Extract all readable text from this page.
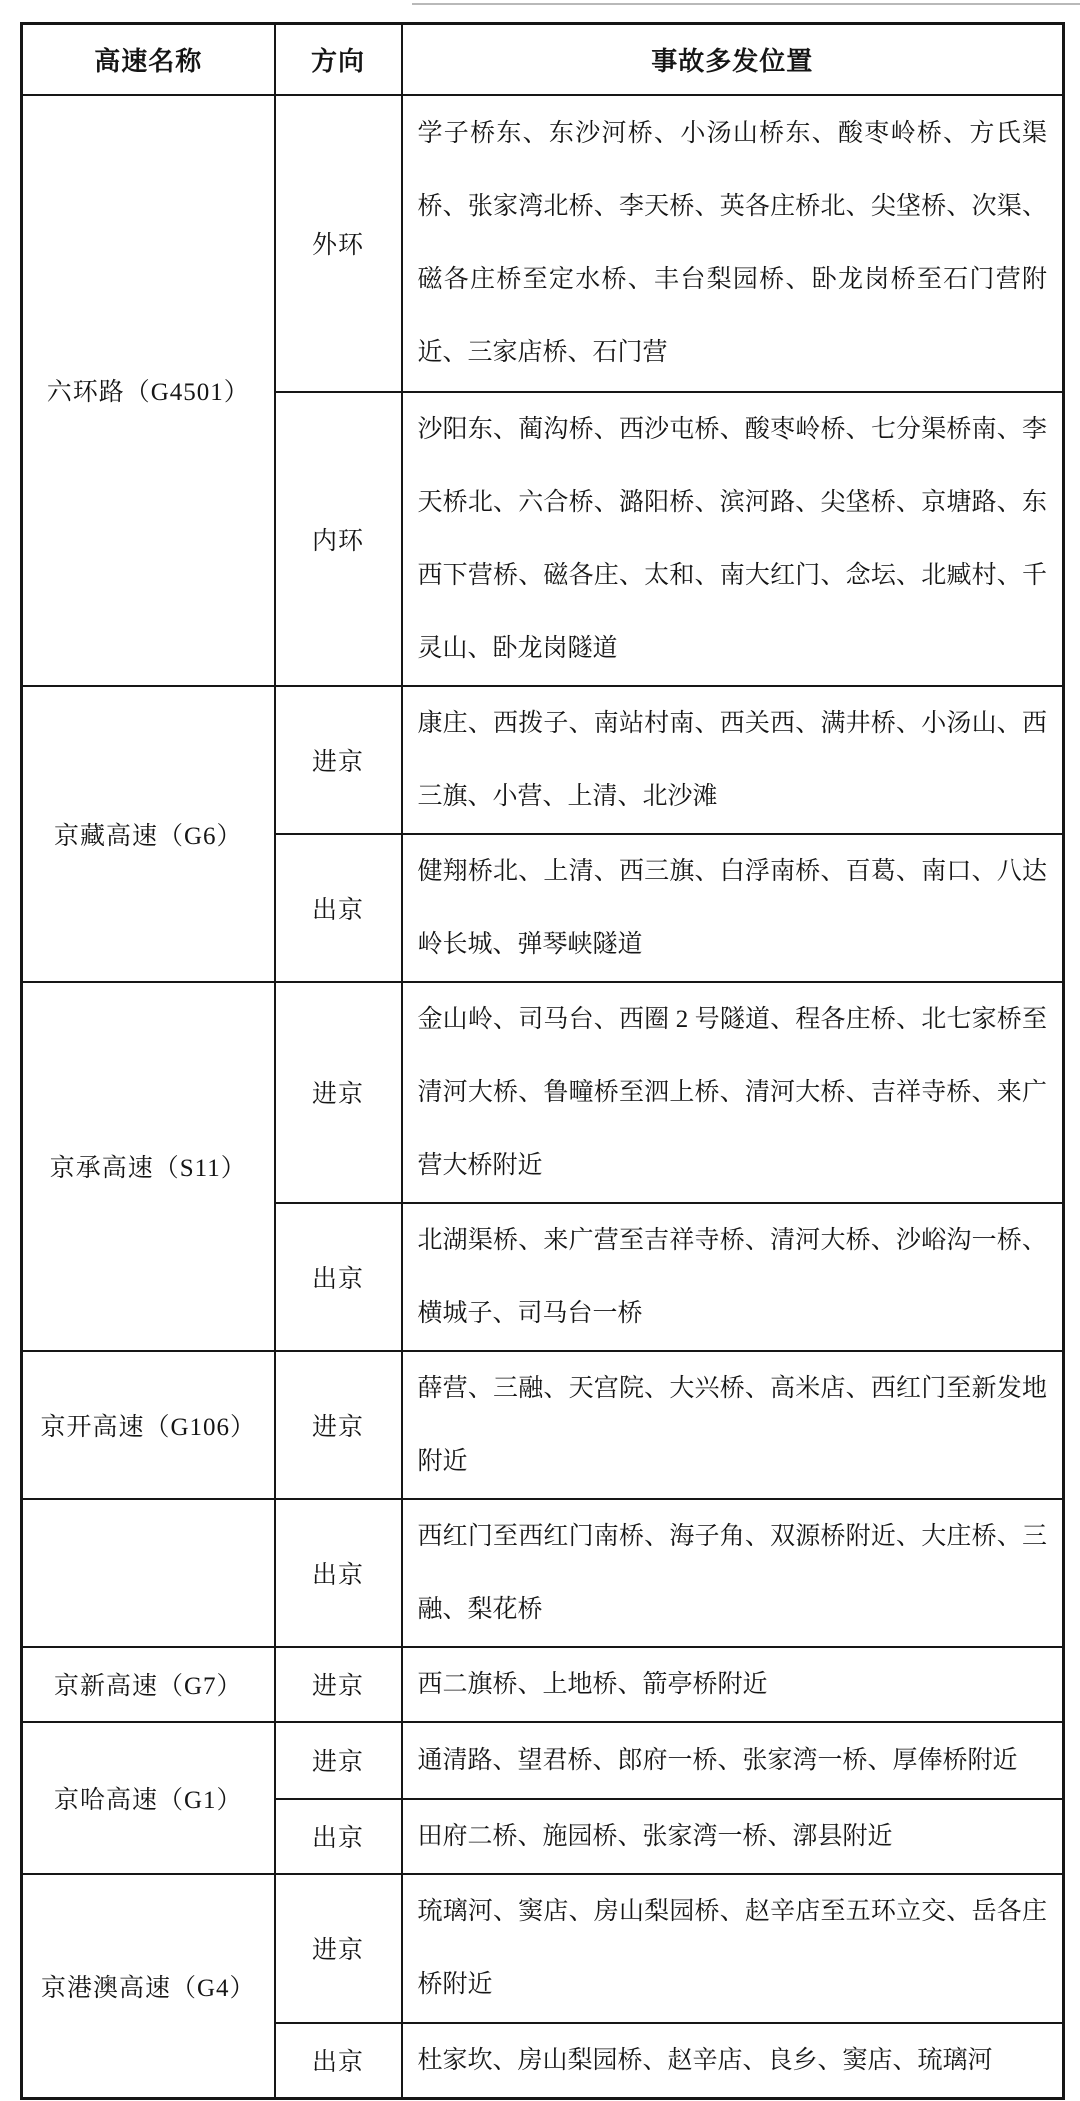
高速名称	方向	事故多发位置
六环路（G4501）	外环	学子桥东、东沙河桥、小汤山桥东、酸枣岭桥、方氏渠桥、张家湾北桥、李天桥、英各庄桥北、尖垡桥、次渠、磁各庄桥至定水桥、丰台梨园桥、卧龙岗桥至石门营附近、三家店桥、石门营
	内环	沙阳东、蔺沟桥、西沙屯桥、酸枣岭桥、七分渠桥南、李天桥北、六合桥、潞阳桥、滨河路、尖垡桥、京塘路、东西下营桥、磁各庄、太和、南大红门、念坛、北臧村、千灵山、卧龙岗隧道
京藏高速（G6）	进京	康庄、西拨子、南站村南、西关西、满井桥、小汤山、西三旗、小营、上清、北沙滩
	出京	健翔桥北、上清、西三旗、白浮南桥、百葛、南口、八达岭长城、弹琴峡隧道
京承高速（S11）	进京	金山岭、司马台、西圈 2 号隧道、程各庄桥、北七家桥至清河大桥、鲁疃桥至泗上桥、清河大桥、吉祥寺桥、来广营大桥附近
	出京	北湖渠桥、来广营至吉祥寺桥、清河大桥、沙峪沟一桥、横城子、司马台一桥
京开高速（G106）	进京	薛营、三融、天宫院、大兴桥、高米店、西红门至新发地附近
	出京	西红门至西红门南桥、海子角、双源桥附近、大庄桥、三融、梨花桥
京新高速（G7）	进京	西二旗桥、上地桥、箭亭桥附近
京哈高速（G1）	进京	通清路、望君桥、郎府一桥、张家湾一桥、厚俸桥附近
	出京	田府二桥、施园桥、张家湾一桥、漷县附近
京港澳高速（G4）	进京	琉璃河、窦店、房山梨园桥、赵辛店至五环立交、岳各庄桥附近
	出京	杜家坎、房山梨园桥、赵辛店、良乡、窦店、琉璃河
